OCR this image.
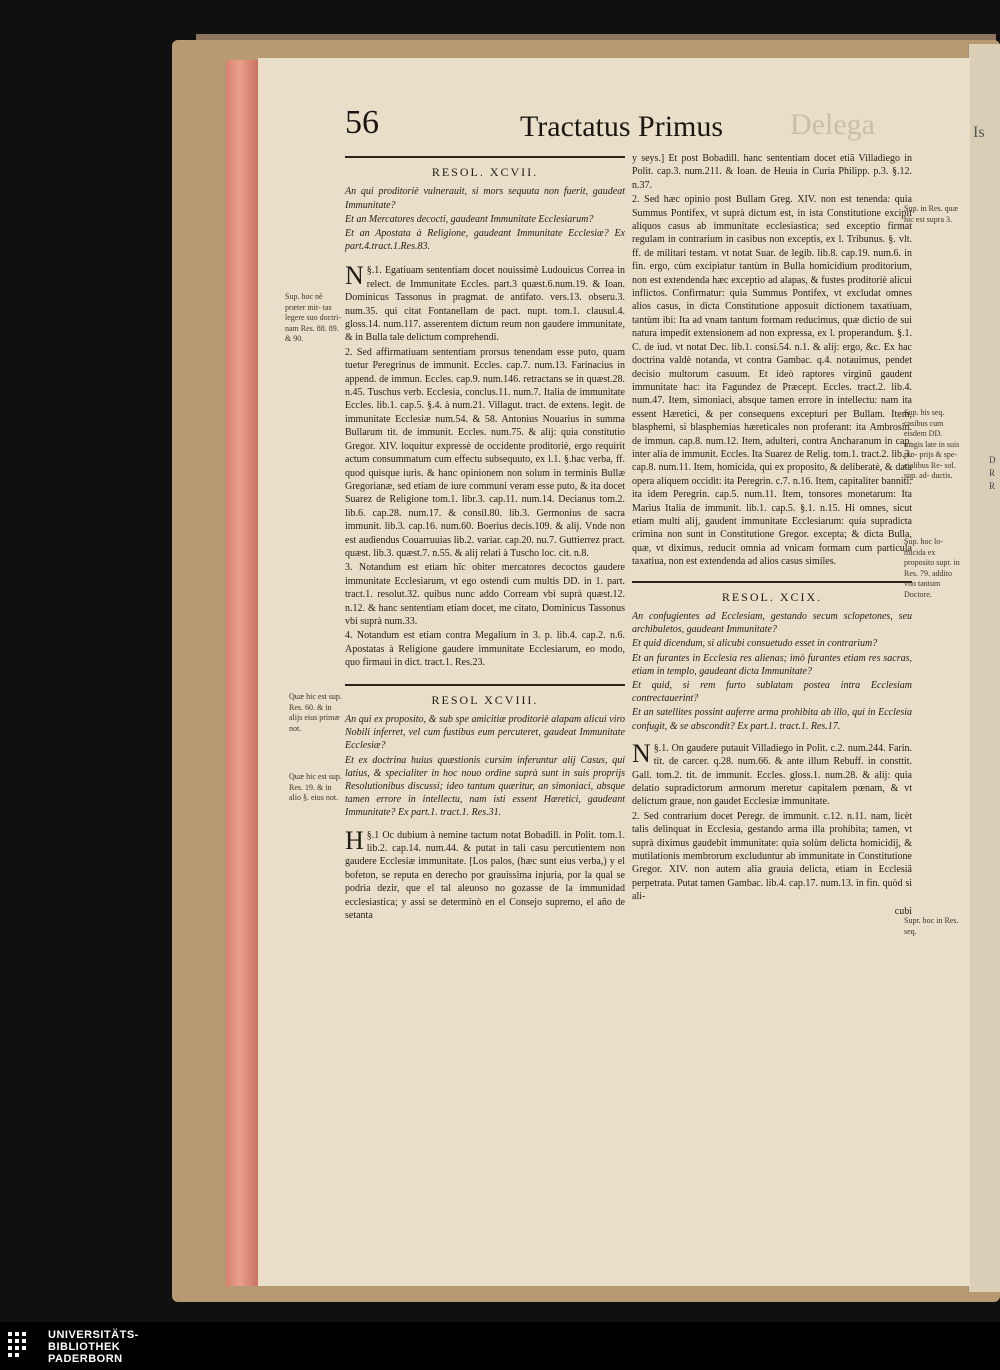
Is
D R R
56	Tractatus Primus Delega
RESOL. XCVII.

An qui proditoriè vulnerauit, si mors sequuta non fuerit, gaudeat Immunitate?

Et an Mercatores decocti, gaudeant Immunitate Ecclesiarum?

Et an Apostata à Religione, gaudeant Immunitate Ecclesiæ? Ex part.4.tract.1.Res.83.

§.1.
N Egatiuam sententiam docet nouissimè Ludouicus Correa in relect. de Immunitate Eccles. part.3 quæst.6.num.19. & Ioan. Dominicus Tassonus in pragmat. de antifato. vers.13. obseru.3. num.35. qui citat Fontanellam de pact. nupt. tom.1. clausul.4. gloss.14. num.117. asserentem dictum reum non gaudere immunitate, & in Bulla tale delictum comprehendi.

2. Sed affirmatiuam sententiam prorsus tenendam esse puto, quam tuetur Peregrinus de immunit. Eccles. cap.7. num.13. Farinacius in append. de immun. Eccles. cap.9. num.146. retractans se in quæst.28. n.45. Tuschus verb. Ecclesia, conclus.11. num.7. Italia de immunitate Eccles. lib.1. cap.5. §.4. à num.21. Villagut. tract. de extens. legit. de immunitate Ecclesiæ num.54. & 58. Antonius Nouarius in summa Bullarum tit. de immunit. Eccles. num.75. & alij: quia constitutio Gregor. XIV. loquitur expressè de occidente proditoriè, ergo requirit actum consummatum cum effectu subsequuto, ex l.1. §.hac verba, ff. quod quisque iuris. & hanc opinionem non solum in terminis Bullæ Gregorianæ, sed etiam de iure communi veram esse puto, & ita docet Suarez de Religione tom.1. libr.3. cap.11. num.14. Decianus tom.2. lib.6. cap.28. num.17. & consil.80. lib.3. Germonius de sacra immunit. lib.3. cap.16. num.60. Boerius decis.109. & alij. Vnde non est audiendus Couarruuias lib.2. variar. cap.20. nu.7. Guttierrez pract. quæst. lib.3. quæst.7. n.55. & alij relati à Tuscho loc. cit. n.8.

3. Notandum est etiam hîc obiter mercatores decoctos gaudere immunitate Ecclesiarum, vt ego ostendi cum multis DD. in 1. part. tract.1. resolut.32. quibus nunc addo Corream vbi suprà quæst.12. n.12. & hanc sententiam etiam docet, me citato, Dominicus Tassonus vbi suprà num.33.

4. Notandum est etiam contra Megalium in 3. p. lib.4. cap.2. n.6. Apostatas à Religione gaudere immunitate Ecclesiarum, eo modo, quo firmaui in dict. tract.1. Res.23.

RESOL XCVIII.

An qui ex proposito, & sub spe amicitiæ proditoriè alapam alicui viro Nobili inferret, vel cum fustibus eum percuteret, gaudeat Immunitate Ecclesiæ?

Et ex doctrina huius quæstionis cursim inferuntur alij Casus, qui latius, & specialiter in hoc nouo ordine suprà sunt in suis proprijs Resolutionibus discussi; ideo tantum quæritur, an simoniaci, absque tamen errore in intellectu, nam isti essent Hæretici, gaudeant Immunitate? Ex part.1. tract.1. Res.31.

§.1
H Oc dubium à nemine tactum notat Bobadill. in Polit. tom.1. lib.2. cap.14. num.44. & putat in tali casu percutientem non gaudere Ecclesiæ immunitate. [Los palos, (hæc sunt eius verba,) y el bofeton, se reputa en derecho por grauissima injuria, por la qual se podria dezir, que el tal aleuoso no gozasse de la immunidad ecclesiastica; y assi se determinò en el Consejo supremo, el año de setanta

y seys.] Et post Bobadill. hanc sententiam docet etiã Villadiego in Polit. cap.3. num.211. & Ioan. de Heuia in Curia Philipp. p.3. §.12. n.37.

2. Sed hæc opinio post Bullam Greg. XIV. non est tenenda: quia Summus Pontifex, vt suprà dictum est, in ista Constitutione excipit aliquos casus ab immunitate ecclesiastica; sed exceptio firmat regulam in contrarium in casibus non exceptis, ex l. Tribunus. §. vlt. ff. de militari testam. vt notat Suar. de legib. lib.8. cap.19. num.6. in fin. ergo, cùm excipiatur tantùm in Bulla homicidium proditorium, non est extendenda hæc exceptio ad alapas, & fustes proditoriè alicui inflictos. Confirmatur: quia Summus Pontifex, vt excludat omnes alios casus, in dicta Constitutione apposuit dictionem taxatiuam, tantùm ibi: Ita ad vnam tantum formam reducimus, quæ dictio de sui natura impedit extensionem ad non expressa, ex l. properandum. §.1. C. de iud. vt notat Dec. lib.1. consi.54. n.1. & alij: ergo, &c. Ex hac doctrina valdè notanda, vt contra Gambac. q.4. notauimus, pendet decisio multorum casuum. Et ideò raptores virginũ gaudent immunitate hac: ita Fagundez de Præcept. Eccles. tract.2. lib.4. num.47. Item, simoniaci, absque tamen errore in intellectu: nam ita essent Hæretici, & per consequens excepturi per Bullam. Item, blasphemi, si blasphemias hæreticales non proferant: ita Ambrosin. de immun. cap.8. num.12. Item, adulteri, contra Ancharanum in cap. inter alia de immunit. Eccles. Ita Suarez de Relig. tom.1. tract.2. lib.3. cap.8. num.11. Item, homicida, qui ex proposito, & deliberatè, & data opera aliquem occidit: ita Peregrin. c.7. n.16. Item, capitaliter banniti: ita idem Peregrin. cap.5. num.11. Item, tonsores monetarum: Ita Marius Italia de immunit. lib.1. cap.5. §.1. n.15. Hi omnes, sicut etiam multi alij, gaudent immunitate Ecclesiarum: quia supradicta crimina non sunt in Constitutione Gregor. excepta; & dicta Bulla, quæ, vt diximus, reducit omnia ad vnicam formam cum particula taxatiua, non est extendenda ad alios casus similes.

RESOL. XCIX.

An confugientes ad Ecclesiam, gestando secum sclopetones, seu archibuletos, gaudeant Immunitate?

Et quid dicendum, si alicubi consuetudo esset in contrarium?

Et an furantes in Ecclesia res alienas; imò furantes etiam res sacras, etiam in templo, gaudeant dicta Immunitate?

Et quid, si rem furto sublatam postea intra Ecclesiam contrectauerint?

Et an satellites possint auferre arma prohibita ab illo, qui in Ecclesia confugit, & se abscondit? Ex part.1. tract.1. Res.17.

§.1.
N On gaudere putauit Villadiego in Polit. c.2. num.244. Farin. tit. de carcer. q.28. num.66. & ante illum Rebuff. in consttit. Gall. tom.2. tit. de immunit. Eccles. gloss.1. num.28. & alij: quia delatio supradictorum armorum meretur capitalem pœnam, & vt delictum graue, non gaudet Ecclesiæ immunitate.

2. Sed contrarium docet Peregr. de immunit. c.12. n.11. nam, licèt talis delinquat in Ecclesia, gestando arma illa prohibita; tamen, vt suprà diximus gaudebit immunitate: quia solùm delicta homicidij, & mutilationis membrorum excluduntur ab immunitate in Constitutione Gregor. XIV. non autem alia grauia delicta, etiam in Ecclesiâ perpetrata. Putat tamen Gambac. lib.4. cap.17. num.13. in fin. quòd si ali-

cubi

Sup. hoc nè præter mit- tas legere suo doctri- nam Res. 88. 89. & 90.
Quæ hic est sup. Res. 60. & in alijs eius primæ not.
Quæ hic est sup. Res. 19. & in alio §. eius not.
Sup. in Res. quæ hic est supra 3.
Sup. his seq. casibus cum eisdem DD. magis late in suis pro- prijs & spe- cialibus Re- sol. sup. ad- ductis.
Sup. hoc lo- micida ex proposito supr. in Res. 79. addito vno tantum Doctore.
Supr. hoc in Res. seq.
UNIVERSITÄTS-
BIBLIOTHEK
PADERBORN
